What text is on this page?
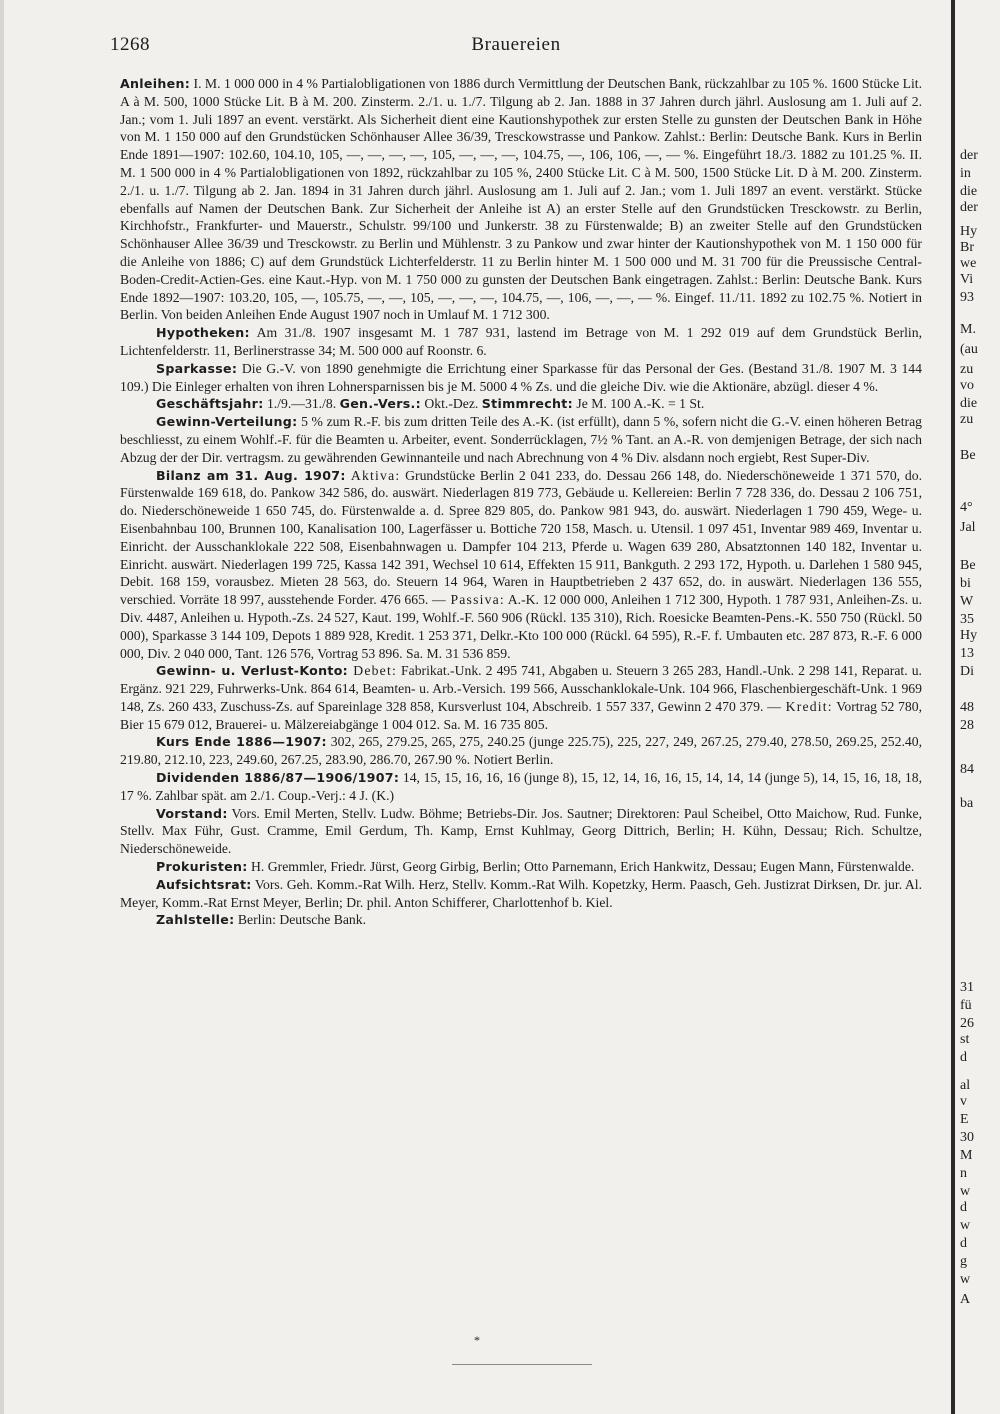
1268	Brauereien

Anleihen: I. M. 1 000 000 in 4 % Partialobligationen von 1886 durch Vermittlung der Deutschen Bank, rückzahlbar zu 105 %. 1600 Stücke Lit. A à M. 500, 1000 Stücke Lit. B à M. 200. Zinsterm. 2./1. u. 1./7. Tilgung ab 2. Jan. 1888 in 37 Jahren durch jährl. Auslosung am 1. Juli auf 2. Jan.; vom 1. Juli 1897 an event. verstärkt. Als Sicherheit dient eine Kautionshypothek zur ersten Stelle zu gunsten der Deutschen Bank in Höhe von M. 1 150 000 auf den Grundstücken Schönhauser Allee 36/39, Tresckowstrasse und Pankow. Zahlst.: Berlin: Deutsche Bank. Kurs in Berlin Ende 1891—1907: 102.60, 104.10, 105, —, —, —, —, 105, —, —, —, 104.75, —, 106, 106, —, — %. Eingeführt 18./3. 1882 zu 101.25 %. II. M. 1 500 000 in 4 % Partialobligationen von 1892, rückzahlbar zu 105 %, 2400 Stücke Lit. C à M. 500, 1500 Stücke Lit. D à M. 200. Zinsterm. 2./1. u. 1./7. Tilgung ab 2. Jan. 1894 in 31 Jahren durch jährl. Auslosung am 1. Juli auf 2. Jan.; vom 1. Juli 1897 an event. verstärkt. Stücke ebenfalls auf Namen der Deutschen Bank. Zur Sicherheit der Anleihe ist A) an erster Stelle auf den Grundstücken Tresckowstr. zu Berlin, Kirchhofstr., Frankfurter- und Mauerstr., Schulstr. 99/100 und Junkerstr. 38 zu Fürstenwalde; B) an zweiter Stelle auf den Grundstücken Schönhauser Allee 36/39 und Tresckowstr. zu Berlin und Mühlenstr. 3 zu Pankow und zwar hinter der Kautionshypothek von M. 1 150 000 für die Anleihe von 1886; C) auf dem Grundstück Lichterfelderstr. 11 zu Berlin hinter M. 1 500 000 und M. 31 700 für die Preussische Central-Boden-Credit-Actien-Ges. eine Kaut.-Hyp. von M. 1 750 000 zu gunsten der Deutschen Bank eingetragen. Zahlst.: Berlin: Deutsche Bank. Kurs Ende 1892—1907: 103.20, 105, —, 105.75, —, —, 105, —, —, —, 104.75, —, 106, —, —, — %. Eingef. 11./11. 1892 zu 102.75 %. Notiert in Berlin. Von beiden Anleihen Ende August 1907 noch in Umlauf M. 1 712 300.

Hypotheken: Am 31./8. 1907 insgesamt M. 1 787 931, lastend im Betrage von M. 1 292 019 auf dem Grundstück Berlin, Lichtenfelderstr. 11, Berlinerstrasse 34; M. 500 000 auf Roonstr. 6.

Sparkasse: Die G.-V. von 1890 genehmigte die Errichtung einer Sparkasse für das Personal der Ges. (Bestand 31./8. 1907 M. 3 144 109.) Die Einleger erhalten von ihren Lohnersparnissen bis je M. 5000 4 % Zs. und die gleiche Div. wie die Aktionäre, abzügl. dieser 4 %.

Geschäftsjahr: 1./9.—31./8. Gen.-Vers.: Okt.-Dez. Stimmrecht: Je M. 100 A.-K. = 1 St.

Gewinn-Verteilung: 5 % zum R.-F. bis zum dritten Teile des A.-K. (ist erfüllt), dann 5 %, sofern nicht die G.-V. einen höheren Betrag beschliesst, zu einem Wohlf.-F. für die Beamten u. Arbeiter, event. Sonderrücklagen, 7½ % Tant. an A.-R. von demjenigen Betrage, der sich nach Abzug der der Dir. vertragsm. zu gewährenden Gewinnanteile und nach Abrechnung von 4 % Div. alsdann noch ergiebt, Rest Super-Div.

Bilanz am 31. Aug. 1907: Aktiva: Grundstücke Berlin 2 041 233, do. Dessau 266 148, do. Niederschöneweide 1 371 570, do. Fürstenwalde 169 618, do. Pankow 342 586, do. auswärt. Niederlagen 819 773, Gebäude u. Kellereien: Berlin 7 728 336, do. Dessau 2 106 751, do. Niederschöneweide 1 650 745, do. Fürstenwalde a. d. Spree 829 805, do. Pankow 981 943, do. auswärt. Niederlagen 1 790 459, Wege- u. Eisenbahnbau 100, Brunnen 100, Kanalisation 100, Lagerfässer u. Bottiche 720 158, Masch. u. Utensil. 1 097 451, Inventar 989 469, Inventar u. Einricht. der Ausschanklokale 222 508, Eisenbahnwagen u. Dampfer 104 213, Pferde u. Wagen 639 280, Absatztonnen 140 182, Inventar u. Einricht. auswärt. Niederlagen 199 725, Kassa 142 391, Wechsel 10 614, Effekten 15 911, Bankguth. 2 293 172, Hypoth. u. Darlehen 1 580 945, Debit. 168 159, vorausbez. Mieten 28 563, do. Steuern 14 964, Waren in Hauptbetrieben 2 437 652, do. in auswärt. Niederlagen 136 555, verschied. Vorräte 18 997, ausstehende Forder. 476 665. — Passiva: A.-K. 12 000 000, Anleihen 1 712 300, Hypoth. 1 787 931, Anleihen-Zs. u. Div. 4487, Anleihen u. Hypoth.-Zs. 24 527, Kaut. 199, Wohlf.-F. 560 906 (Rückl. 135 310), Rich. Roesicke Beamten-Pens.-K. 550 750 (Rückl. 50 000), Sparkasse 3 144 109, Depots 1 889 928, Kredit. 1 253 371, Delkr.-Kto 100 000 (Rückl. 64 595), R.-F. f. Umbauten etc. 287 873, R.-F. 6 000 000, Div. 2 040 000, Tant. 126 576, Vortrag 53 896. Sa. M. 31 536 859.

Gewinn- u. Verlust-Konto: Debet: Fabrikat.-Unk. 2 495 741, Abgaben u. Steuern 3 265 283, Handl.-Unk. 2 298 141, Reparat. u. Ergänz. 921 229, Fuhrwerks-Unk. 864 614, Beamten- u. Arb.-Versich. 199 566, Ausschanklokale-Unk. 104 966, Flaschenbiergeschäft-Unk. 1 969 148, Zs. 260 433, Zuschuss-Zs. auf Spareinlage 328 858, Kursverlust 104, Abschreib. 1 557 337, Gewinn 2 470 379. — Kredit: Vortrag 52 780, Bier 15 679 012, Brauerei- u. Mälzereiabgänge 1 004 012. Sa. M. 16 735 805.

Kurs Ende 1886—1907: 302, 265, 279.25, 265, 275, 240.25 (junge 225.75), 225, 227, 249, 267.25, 279.40, 278.50, 269.25, 252.40, 219.80, 212.10, 223, 249.60, 267.25, 283.90, 286.70, 267.90 %. Notiert Berlin.

Dividenden 1886/87—1906/1907: 14, 15, 15, 16, 16, 16 (junge 8), 15, 12, 14, 16, 16, 15, 14, 14, 14 (junge 5), 14, 15, 16, 18, 18, 17 %. Zahlbar spät. am 2./1. Coup.-Verj.: 4 J. (K.)

Vorstand: Vors. Emil Merten, Stellv. Ludw. Böhme; Betriebs-Dir. Jos. Sautner; Direktoren: Paul Scheibel, Otto Maichow, Rud. Funke, Stellv. Max Führ, Gust. Cramme, Emil Gerdum, Th. Kamp, Ernst Kuhlmay, Georg Dittrich, Berlin; H. Kühn, Dessau; Rich. Schultze, Niederschöneweide.

Prokuristen: H. Gremmler, Friedr. Jürst, Georg Girbig, Berlin; Otto Parnemann, Erich Hankwitz, Dessau; Eugen Mann, Fürstenwalde.

Aufsichtsrat: Vors. Geh. Komm.-Rat Wilh. Herz, Stellv. Komm.-Rat Wilh. Kopetzky, Herm. Paasch, Geh. Justizrat Dirksen, Dr. jur. Al. Meyer, Komm.-Rat Ernst Meyer, Berlin; Dr. phil. Anton Schifferer, Charlottenhof b. Kiel.

Zahlstelle: Berlin: Deutsche Bank.

*
der
in
die
der
Hy
Br
we
Vi
93
M.
(au
zu
vo
die
zu
Be
4°
Jal
Be
bi
W
35
Hy
13
Di
48
28
84
ba
31
fü
26
st
d
al
v
E
30
M
n
w
d
w
d
g
w
A
